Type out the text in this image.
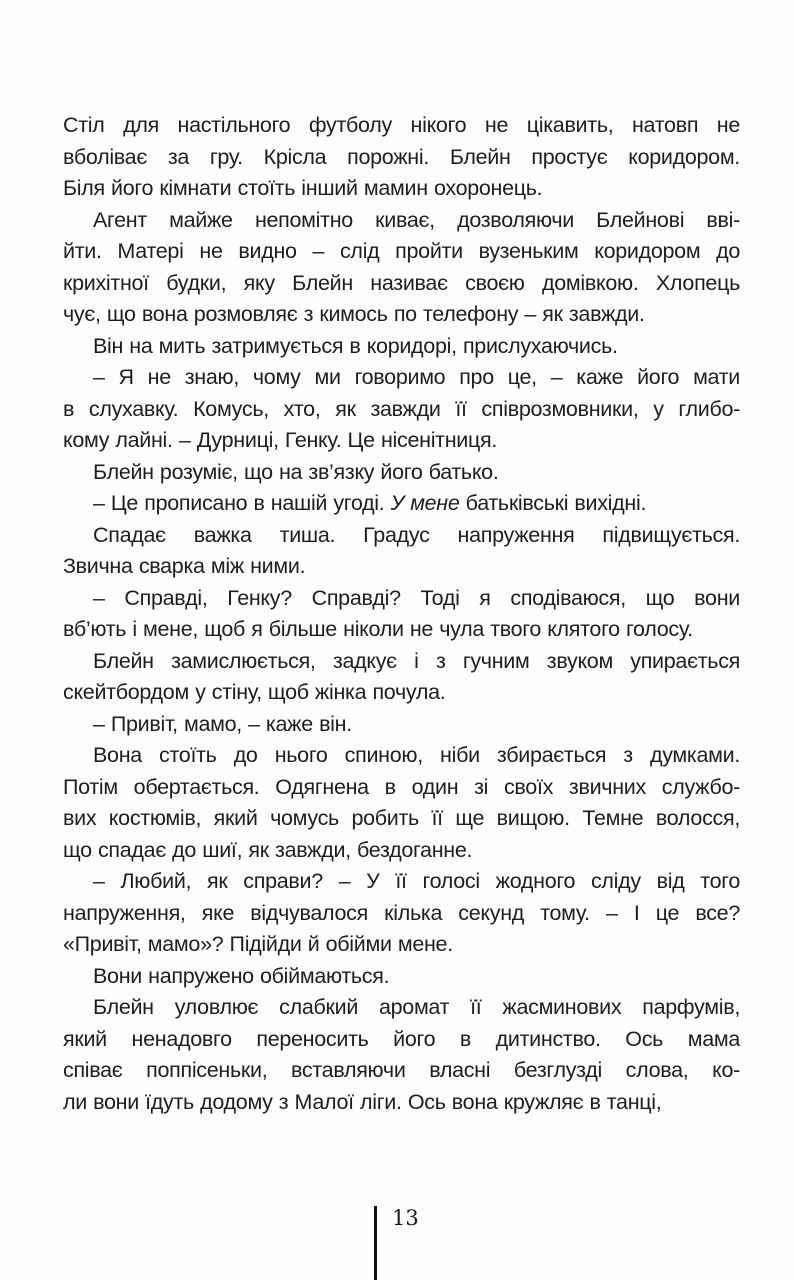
Стіл для настільного футболу нікого не цікавить, натовп не
вболіває за гру. Крісла порожні. Блейн простує коридором.
Біля його кімнати стоїть інший мамин охоронець.
Агент майже непомітно киває, дозволяючи Блейнові вві-
йти. Матері не видно – слід пройти вузеньким коридором до
крихітної будки, яку Блейн називає своєю домівкою. Хлопець
чує, що вона розмовляє з кимось по телефону – як завжди.
Він на мить затримується в коридорі, прислухаючись.
– Я не знаю, чому ми говоримо про це, – каже його мати
в слухавку. Комусь, хто, як завжди її співрозмовники, у глибо-
кому лайні. – Дурниці, Генку. Це нісенітниця.
Блейн розуміє, що на зв’язку його батько.
– Це прописано в нашій угоді. У мене батьківські вихідні.
Спадає важка тиша. Градус напруження підвищується.
Звична сварка між ними.
– Справді, Генку? Справді? Тоді я сподіваюся, що вони
вб’ють і мене, щоб я більше ніколи не чула твого клятого голосу.
Блейн замислюється, задкує і з гучним звуком упирається
скейтбордом у стіну, щоб жінка почула.
– Привіт, мамо, – каже він.
Вона стоїть до нього спиною, ніби збирається з думками.
Потім обертається. Одягнена в один зі своїх звичних службо-
вих костюмів, який чомусь робить її ще вищою. Темне волосся,
що спадає до шиї, як завжди, бездоганне.
– Любий, як справи? – У її голосі жодного сліду від того
напруження, яке відчувалося кілька секунд тому. – І це все?
«Привіт, мамо»? Підійди й обійми мене.
Вони напружено обіймаються.
Блейн уловлює слабкий аромат її жасминових парфумів,
який ненадовго переносить його в дитинство. Ось мама
співає поппісеньки, вставляючи власні безглузді слова, ко-
ли вони їдуть додому з Малої ліги. Ось вона кружляє в танці,
13
